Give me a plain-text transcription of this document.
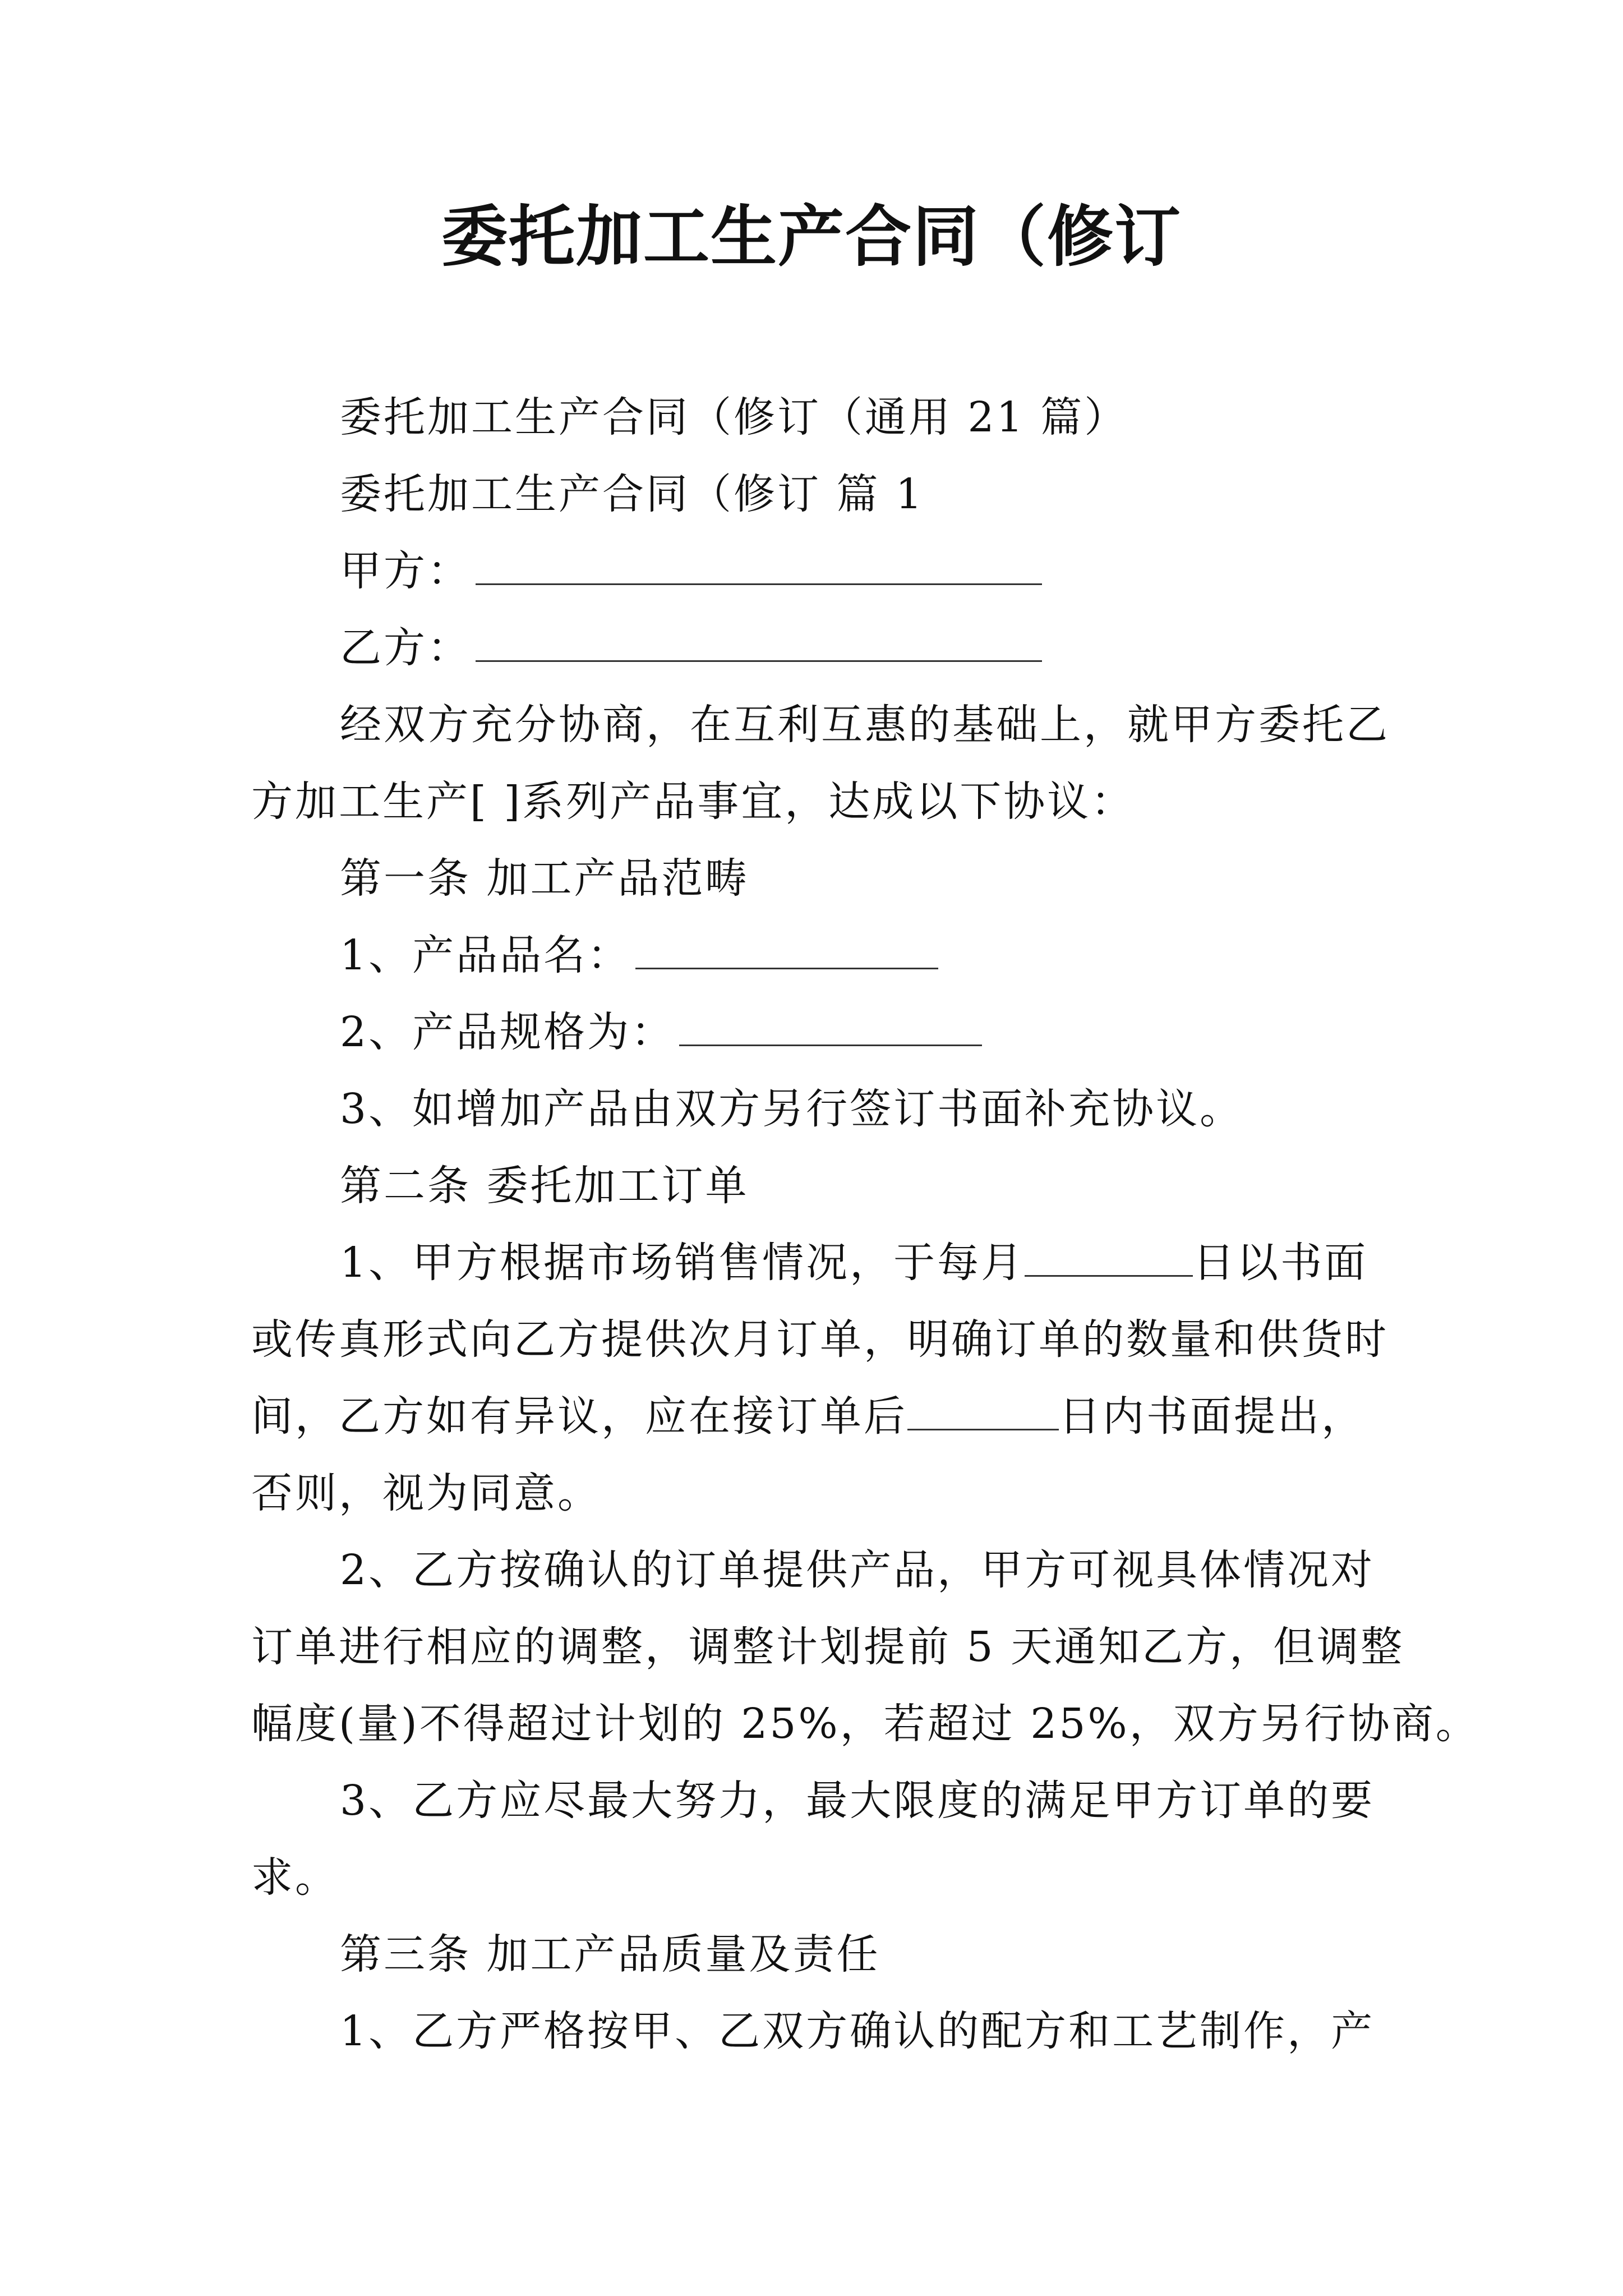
委托加工生产合同（修订

委托加工生产合同（修订（通用 21 篇）

委托加工生产合同（修订 篇 1

甲方：

乙方：

经双方充分协商，在互利互惠的基础上，就甲方委托乙

方加工生产[ ]系列产品事宜，达成以下协议：

第一条 加工产品范畴

1、产品品名：

2、产品规格为：

3、如增加产品由双方另行签订书面补充协议。

第二条 委托加工订单

1、甲方根据市场销售情况，于每月	日以书面

或传真形式向乙方提供次月订单，明确订单的数量和供货时

间，乙方如有异议，应在接订单后	日内书面提出，

否则，视为同意。

2、乙方按确认的订单提供产品，甲方可视具体情况对

订单进行相应的调整，调整计划提前 5 天通知乙方，但调整

幅度(量)不得超过计划的 25%，若超过 25%，双方另行协商。

3、乙方应尽最大努力，最大限度的满足甲方订单的要

求。

第三条 加工产品质量及责任

1、乙方严格按甲、乙双方确认的配方和工艺制作，产
